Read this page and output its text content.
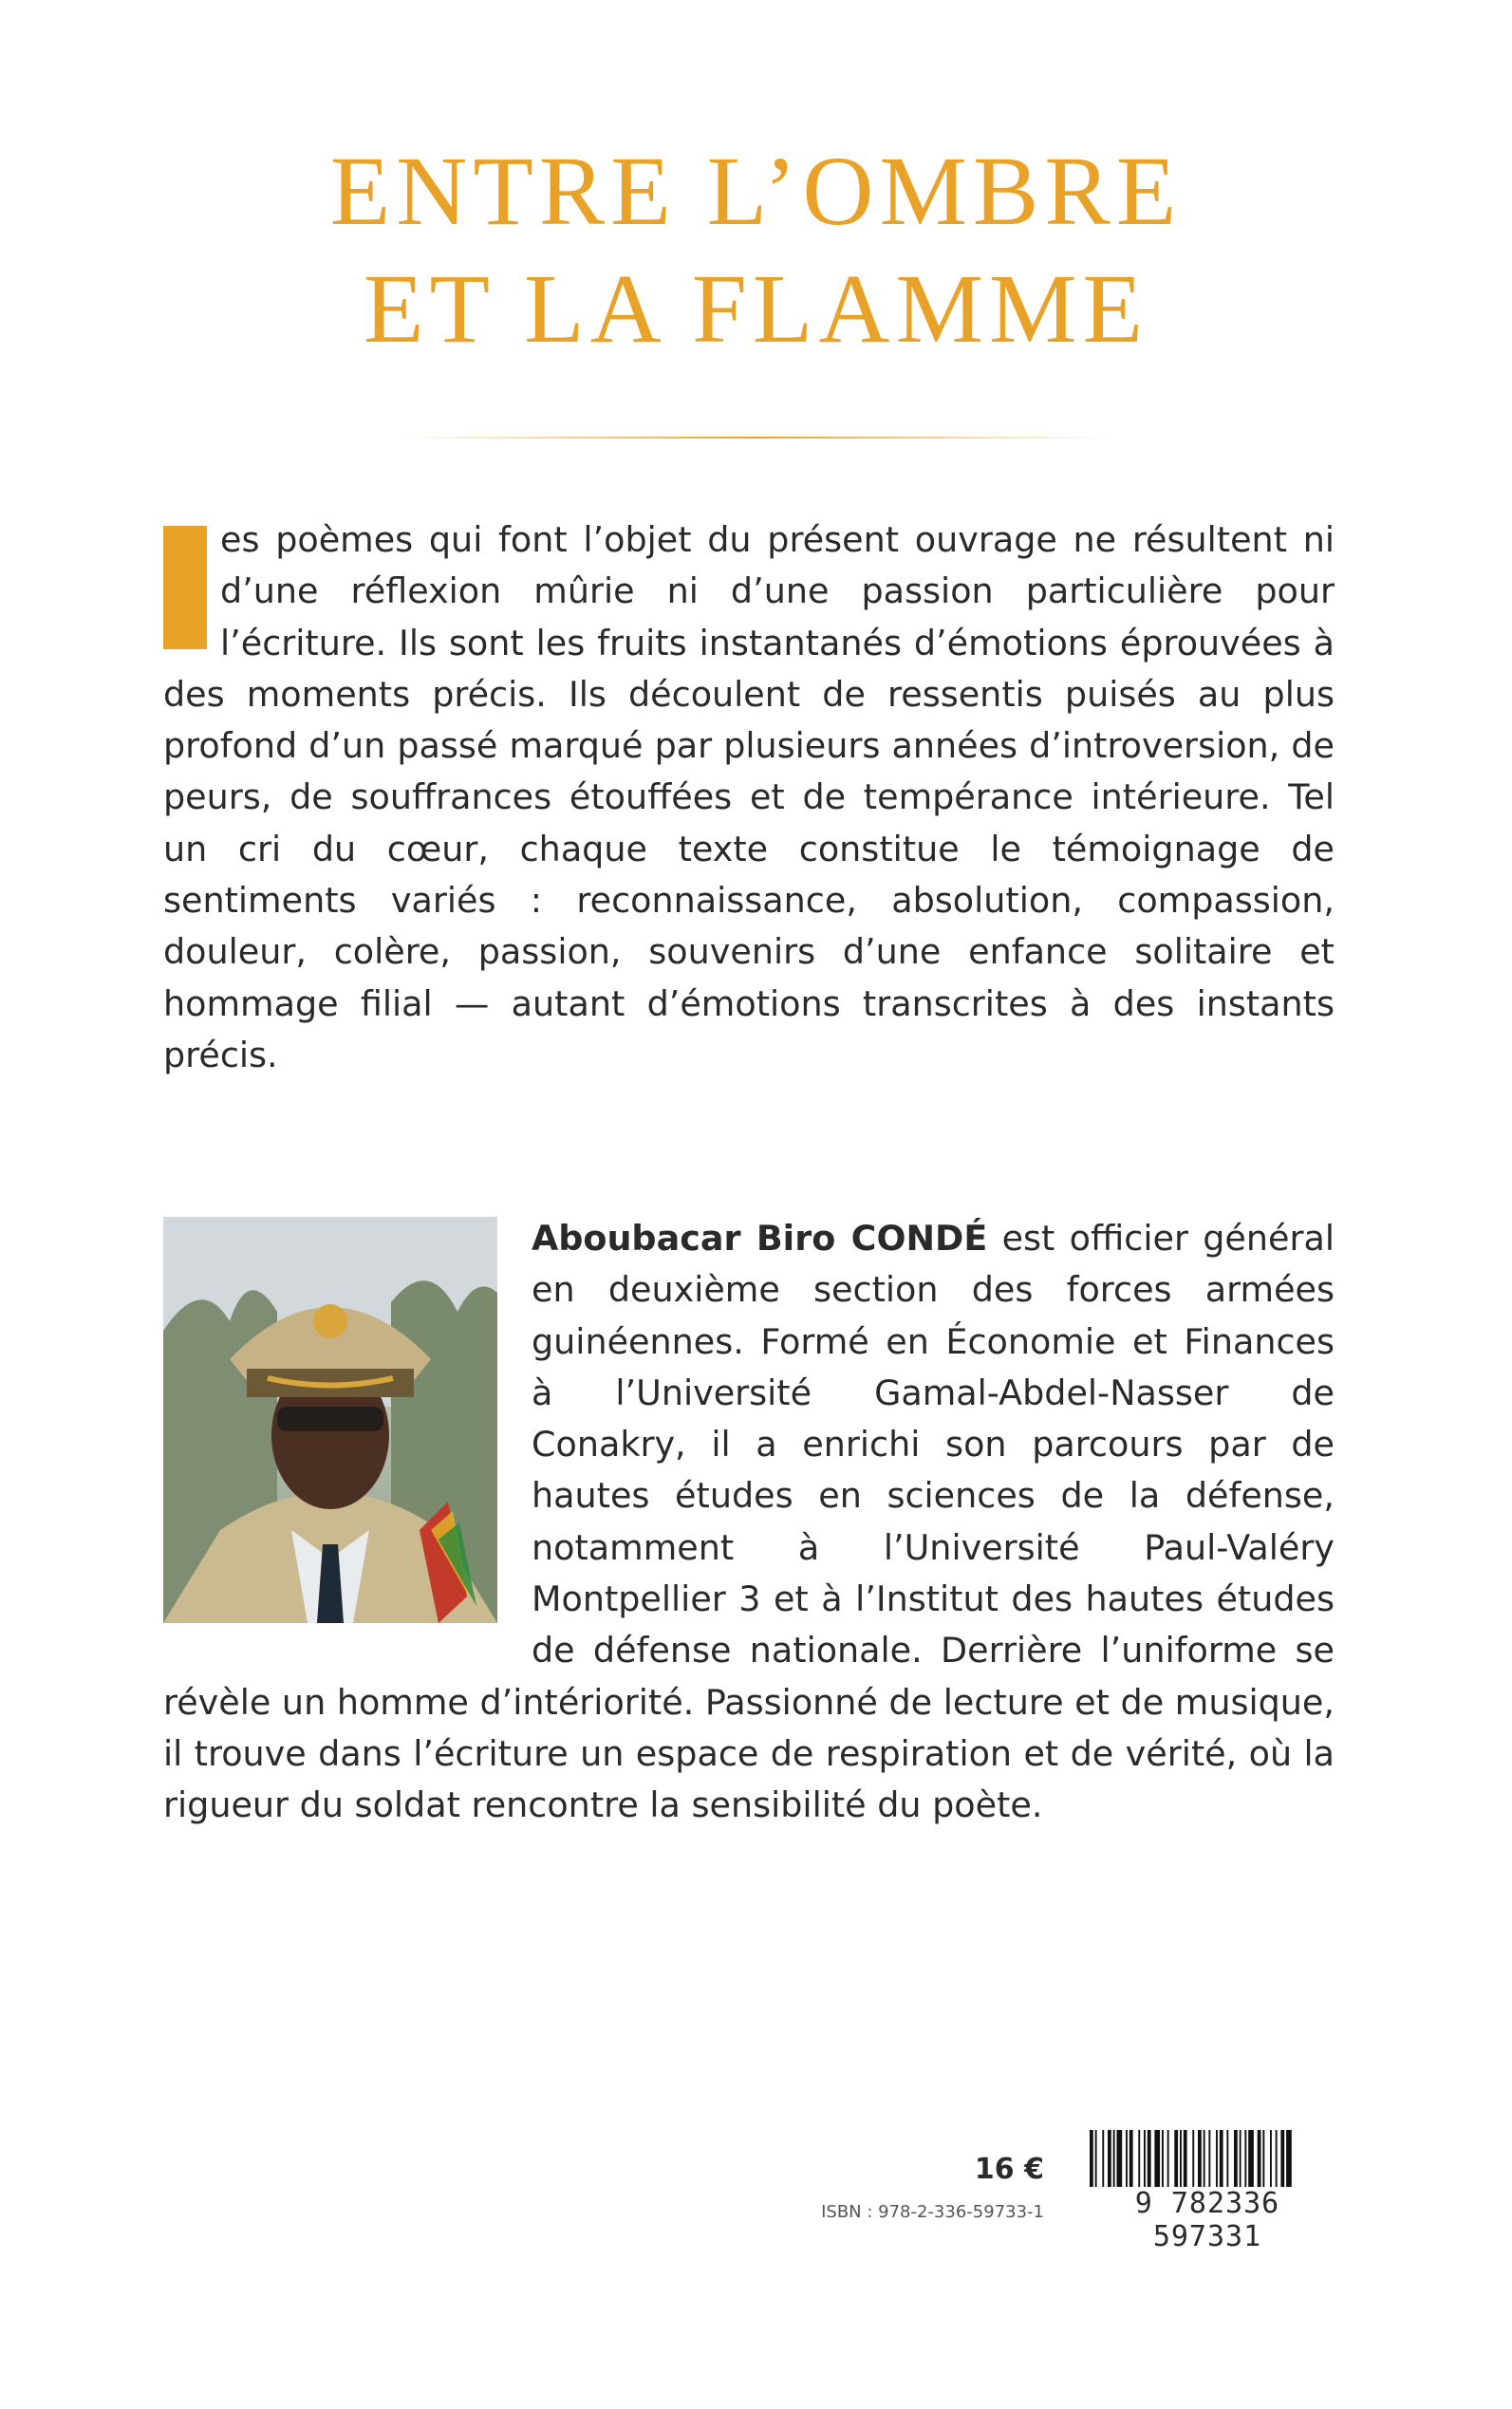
ENTRE L’OMBRE
ET LA FLAMME

es poèmes qui font l’objet du présent ouvrage ne résultent ni d’une réflexion mûrie ni d’une passion particulière pour l’écriture. Ils sont les fruits instantanés d’émotions éprouvées à des moments précis. Ils découlent de ressentis puisés au plus profond d’un passé marqué par plusieurs années d’introversion, de peurs, de souffrances étouffées et de tempérance intérieure. Tel un cri du cœur, chaque texte constitue le témoignage de sentiments variés : reconnaissance, absolution, compassion, douleur, colère, passion, souvenirs d’une enfance solitaire et hommage filial — autant d’émotions transcrites à des instants précis.

Aboubacar Biro CONDÉ est officier général en deuxième section des forces armées guinéennes. Formé en Économie et Finances à l’Université Gamal-Abdel-Nasser de Conakry, il a enrichi son parcours par de hautes études en sciences de la défense, notamment à l’Université Paul-Valéry Montpellier 3 et à l’Institut des hautes études de défense nationale. Derrière l’uniforme se révèle un homme d’intériorité. Passionné de lecture et de musique, il trouve dans l’écriture un espace de respiration et de vérité, où la rigueur du soldat rencontre la sensibilité du poète.

16 €

ISBN : 978-2-336-59733-1	9 782336 597331
